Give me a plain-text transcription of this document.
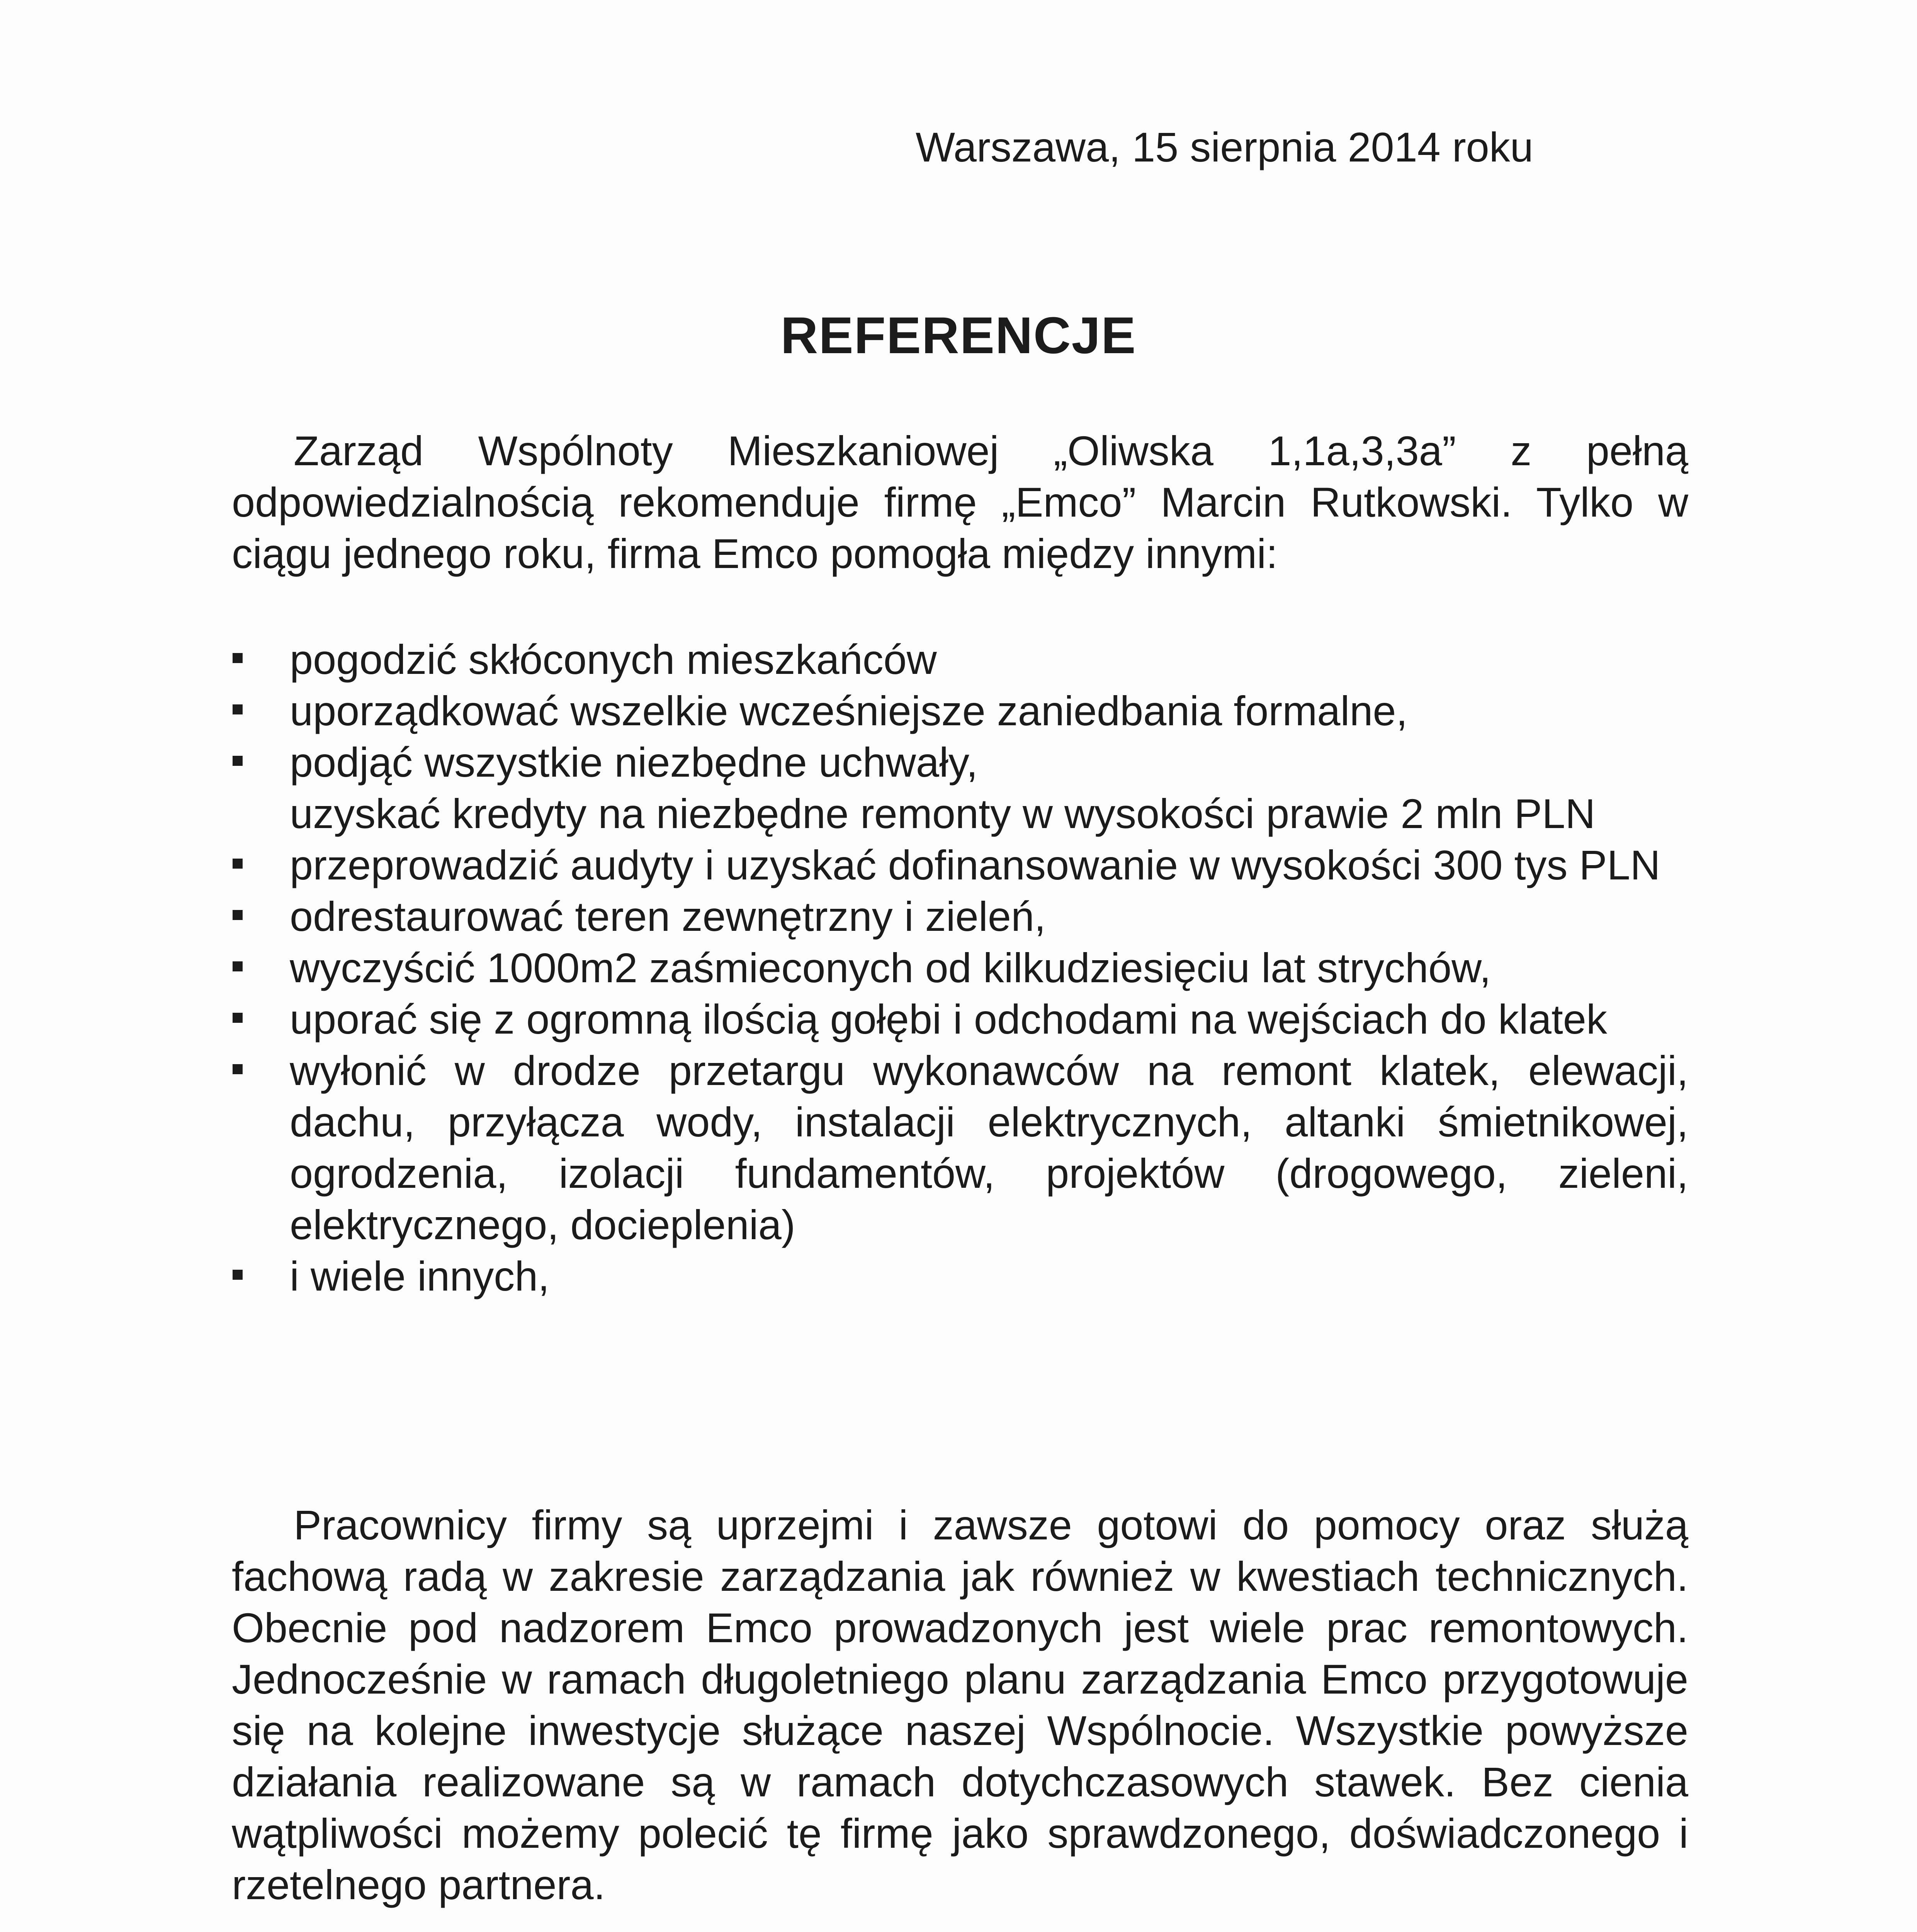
Warszawa, 15 sierpnia 2014 roku
REFERENCJE
Zarząd Wspólnoty Mieszkaniowej „Oliwska 1,1a,3,3a” z pełną odpowiedzialnością rekomenduje firmę „Emco” Marcin Rutkowski. Tylko w ciągu jednego roku, firma Emco pomogła między innymi:
pogodzić skłóconych mieszkańców
uporządkować wszelkie wcześniejsze zaniedbania formalne,
podjąć wszystkie niezbędne uchwały,
uzyskać kredyty na niezbędne remonty w wysokości prawie 2 mln PLN
przeprowadzić audyty i uzyskać dofinansowanie w wysokości 300 tys PLN
odrestaurować teren zewnętrzny i zieleń,
wyczyścić 1000m2 zaśmieconych od kilkudziesięciu lat strychów,
uporać się z ogromną ilością gołębi i odchodami na wejściach do klatek
wyłonić w drodze przetargu wykonawców na remont klatek, elewacji, dachu, przyłącza wody, instalacji elektrycznych, altanki śmietnikowej, ogrodzenia, izolacji fundamentów, projektów (drogowego, zieleni, elektrycznego, docieplenia)
i wiele innych,
Pracownicy firmy są uprzejmi i zawsze gotowi do pomocy oraz służą fachową radą w zakresie zarządzania jak również w kwestiach technicznych. Obecnie pod nadzorem Emco prowadzonych jest wiele prac remontowych. Jednocześnie w ramach długoletniego planu zarządzania Emco przygotowuje się na kolejne inwestycje służące naszej Wspólnocie. Wszystkie powyższe działania realizowane są w ramach dotychczasowych stawek. Bez cienia wątpliwości możemy polecić tę firmę jako sprawdzonego, doświadczonego i rzetelnego partnera.
